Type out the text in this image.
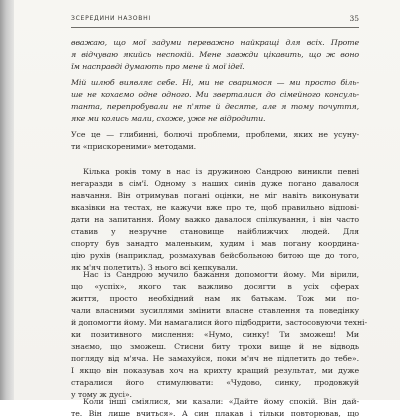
ЗСЕРЕДИНИ НАЗОВНІ	35
вважаю, що мої задуми переважно найкращі для всіх. Проте
я відчуваю якийсь неспокій. Мене завжди цікавить, що ж воно
їм насправді думають про мене й мої ідеї.
Мій шлюб виявляє себе. Ні, ми не сваримося — ми просто біль-
ше не кохаємо одне одного. Ми зверталися до сімейного консуль-
танта, перепробували не п'яте й десяте, але я тому почуття,
яке ми колись мали, схоже, уже не відродити.
Усе це — глибинні, болючі проблеми, проблеми, яких не усуну-
ти «прискореними» методами.
Кілька років тому в нас із дружиною Сандрою виникли певні
негаразди в сім'ї. Одному з наших синів дуже погано давалося
навчання. Він отримував погані оцінки, не міг навіть виконувати
вказівки на тестах, не кажучи вже про те, щоб правильно відпові-
дати на запитання. Йому важко давалося спілкування, і він часто
ставив у незручне становище найближчих людей. Для
спорту був занадто маленьким, худим і мав погану координа-
цію рухів (наприклад, розмахував бейсбольною битою ще до того,
як м'яч полетить). З нього всі кепкували.
Нас із Сандрою мучило бажання допомогти йому. Ми вірили,
що «успіх», якого так важливо досягти в усіх сферах
життя, просто необхідний нам як батькам. Тож ми по-
чали власними зусиллями змінити власне ставлення та поведінку
й допомогти йому. Ми намагалися його підбодрити, застосовуючи техні-
ки позитивного мислення: «Нумо, синку! Ти зможеш! Ми
знаємо, що зможеш. Стисни биту трохи вище й не відводь
погляду від м'яча. Не замахуйся, поки м'яч не підлетить до тебе».
І якщо він показував хоч на крихту кращий результат, ми дуже
старалися його стимулювати: «Чудово, синку, продовжуй
у тому ж дусі».
Коли інші сміялися, ми казали: «Дайте йому спокій. Він дай-
те. Він лише вчиться». А син плакав і тільки повторював, що
